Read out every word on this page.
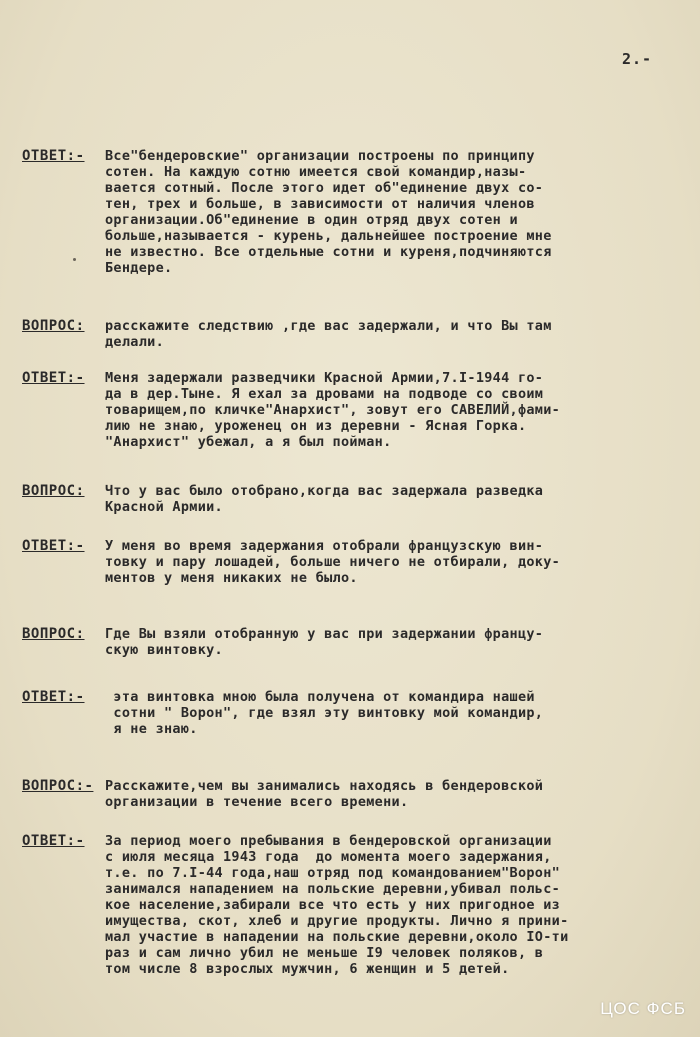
2.-
ОТВЕТ:- Все"бендеровские" организации построены по принципу
сотен. На каждую сотню имеется свой командир,назы-
вается сотный. После этого идет об"единение двух со-
тен, трех и больше, в зависимости от наличия членов
организации.Об"единение в один отряд двух сотен и
больше,называется - курень, дальнейшее построение мне
не известно. Все отдельные сотни и куреня,подчиняются
Бендере.

ВОПРОС: расскажите следствию ,где вас задержали, и что Вы там
делали.

ОТВЕТ:- Меня задержали разведчики Красной Армии,7.I-1944 го-
да в дер.Тыне. Я ехал за дровами на подводе со своим
товарищем,по кличке"Анархист", зовут его САВЕЛИЙ,фами-
лию не знаю, уроженец он из деревни - Ясная Горка.
"Анархист" убежал, а я был пойман.

ВОПРОС: Что у вас было отобрано,когда вас задержала разведка
Красной Армии.

ОТВЕТ:- У меня во время задержания отобрали французскую вин-
товку и пару лошадей, больше ничего не отбирали, доку-
ментов у меня никаких не было.

ВОПРОС: Где Вы взяли отобранную у вас при задержании францу-
скую винтовку.

ОТВЕТ:-	эта винтовка мною была получена от командира нашей
сотни " Ворон", где взял эту винтовку мой командир,
я не знаю.

ВОПРОС:- Расскажите,чем вы занимались находясь в бендеровской
организации в течение всего времени.

ОТВЕТ:- За период моего пребывания в бендеровской организации
с июля месяца 1943 года  до момента моего задержания,
т.е. по 7.I-44 года,наш отряд под командованием"Ворон"
занимался нападением на польские деревни,убивал польс-
кое население,забирали все что есть у них пригодное из
имущества, скот, хлеб и другие продукты. Лично я прини-
мал участие в нападении на польские деревни,около IO-ти
раз и сам лично убил не меньше I9 человек поляков, в
том числе 8 взрослых мужчин, 6 женщин и 5 детей.

ЦОС ФСБ
